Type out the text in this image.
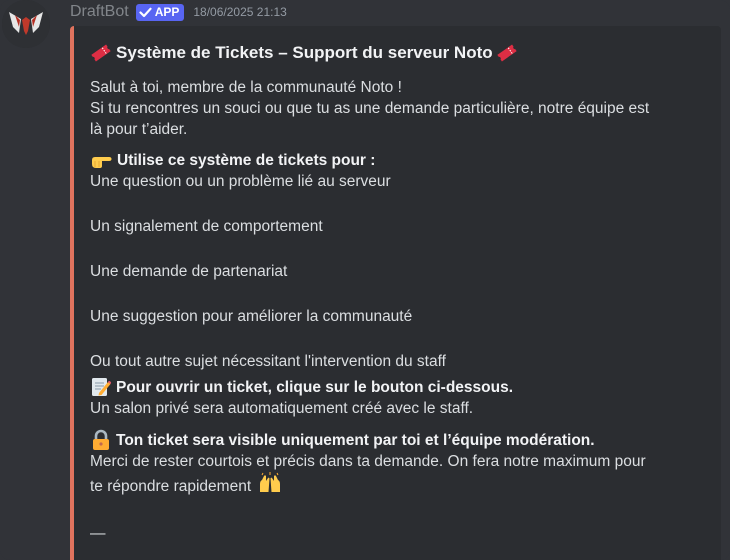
DraftBot APP 18/06/2025 21:13
Système de Tickets – Support du serveur Noto
Salut à toi, membre de la communauté Noto !
Si tu rencontres un souci ou que tu as une demande particulière, notre équipe est
là pour t’aider.
Utilise ce système de tickets pour :
Une question ou un problème lié au serveur
Un signalement de comportement
Une demande de partenariat
Une suggestion pour améliorer la communauté
Ou tout autre sujet nécessitant l'intervention du staff
Pour ouvrir un ticket, clique sur le bouton ci-dessous.
Un salon privé sera automatiquement créé avec le staff.
Ton ticket sera visible uniquement par toi et l’équipe modération.
Merci de rester courtois et précis dans ta demande. On fera notre maximum pour
te répondre rapidement
—
